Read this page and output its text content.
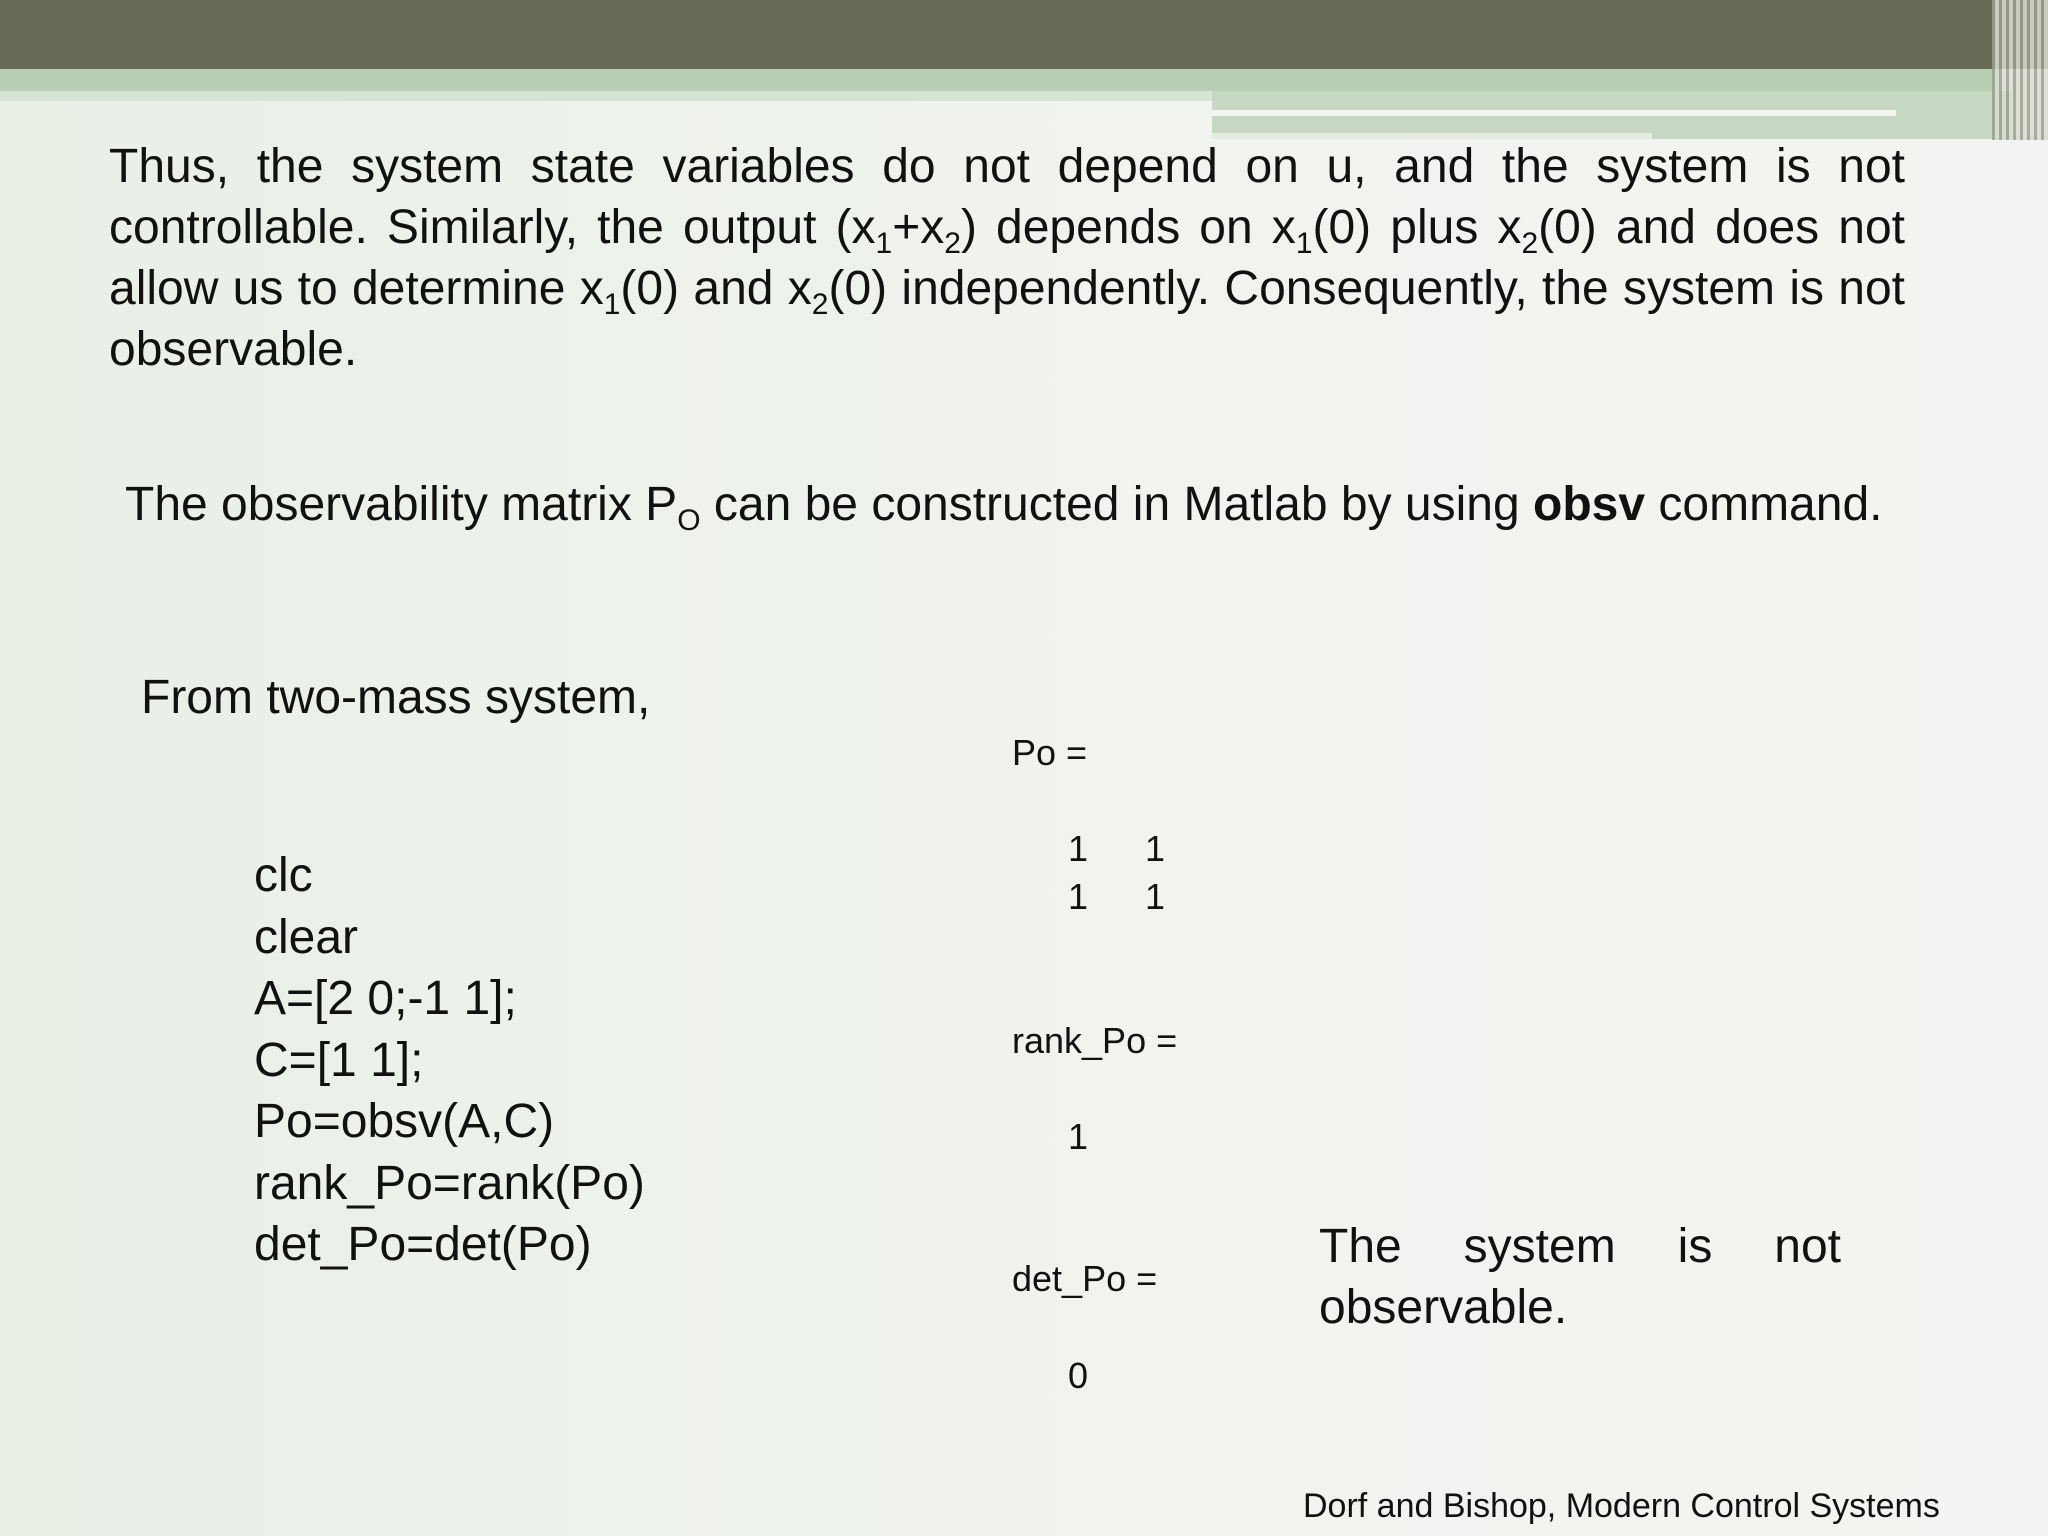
Thus, the system state variables do not depend on u, and the system is not controllable. Similarly, the output $(x_1+x_2)$ depends on $x_1(0)$ plus $x_2(0)$ and does not allow us to determine $x_1(0)$ and $x_2(0)$ independently. Consequently, the system is not observable.

The observability matrix $P_O$ can be constructed in Matlab by using obsv command.

From two-mass system,

clc
clear
A=[2 0;-1 1];
C=[1 1];
Po=obsv(A,C)
rank_Po=rank(Po)
det_Po=det(Po)
Po =
1 1
1 1
rank_Po =
1
det_Po =
0
The system is not observable.
Dorf and Bishop, Modern Control Systems
